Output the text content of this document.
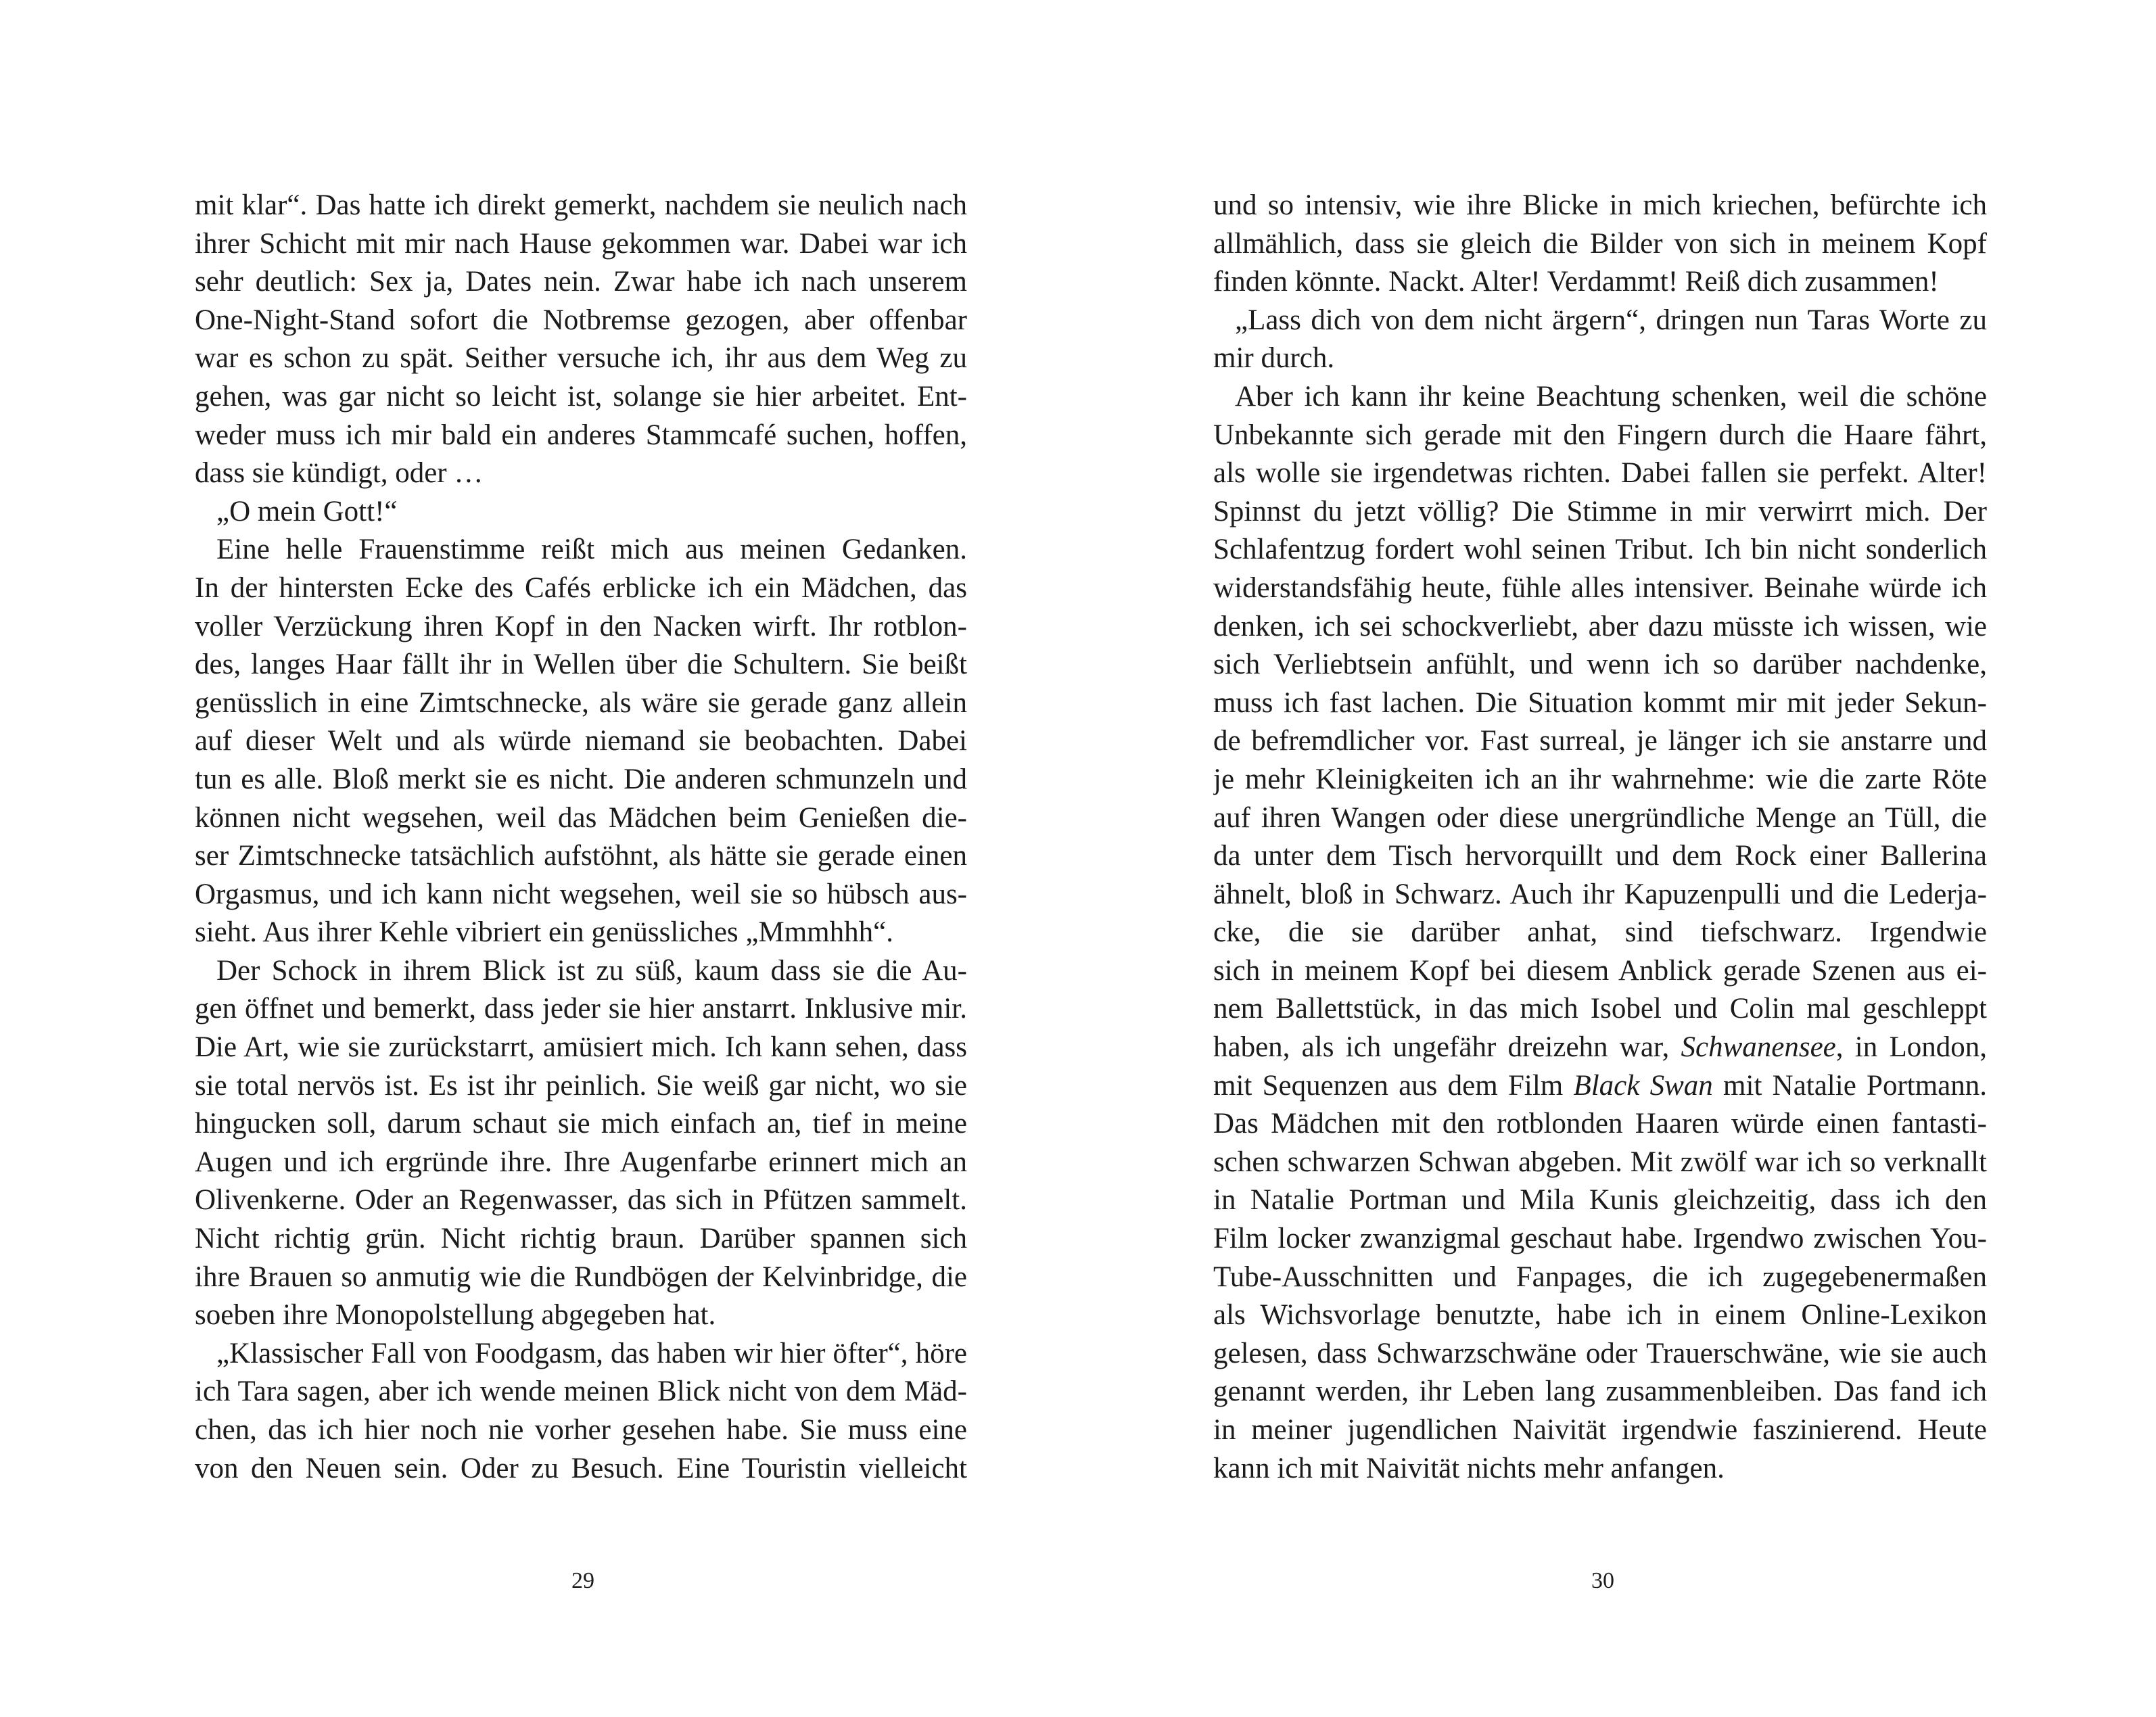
mit klar“. Das hatte ich direkt gemerkt, nachdem sie neulich nach
ihrer Schicht mit mir nach Hause gekommen war. Dabei war ich
sehr deutlich: Sex ja, Dates nein. Zwar habe ich nach unserem
One-Night-Stand sofort die Notbremse gezogen, aber offenbar
war es schon zu spät. Seither versuche ich, ihr aus dem Weg zu
gehen, was gar nicht so leicht ist, solange sie hier arbeitet. Ent-
weder muss ich mir bald ein anderes Stammcafé suchen, hoffen,
dass sie kündigt, oder …
„O mein Gott!“
Eine helle Frauenstimme reißt mich aus meinen Gedanken.
In der hintersten Ecke des Cafés erblicke ich ein Mädchen, das
voller Verzückung ihren Kopf in den Nacken wirft. Ihr rotblon-
des, langes Haar fällt ihr in Wellen über die Schultern. Sie beißt
genüsslich in eine Zimtschnecke, als wäre sie gerade ganz allein
auf dieser Welt und als würde niemand sie beobachten. Dabei
tun es alle. Bloß merkt sie es nicht. Die anderen schmunzeln und
können nicht wegsehen, weil das Mädchen beim Genießen die-
ser Zimtschnecke tatsächlich aufstöhnt, als hätte sie gerade einen
Orgasmus, und ich kann nicht wegsehen, weil sie so hübsch aus-
sieht. Aus ihrer Kehle vibriert ein genüssliches „Mmmhhh“.
Der Schock in ihrem Blick ist zu süß, kaum dass sie die Au-
gen öffnet und bemerkt, dass jeder sie hier anstarrt. Inklusive mir.
Die Art, wie sie zurückstarrt, amüsiert mich. Ich kann sehen, dass
sie total nervös ist. Es ist ihr peinlich. Sie weiß gar nicht, wo sie
hingucken soll, darum schaut sie mich einfach an, tief in meine
Augen und ich ergründe ihre. Ihre Augenfarbe erinnert mich an
Olivenkerne. Oder an Regenwasser, das sich in Pfützen sammelt.
Nicht richtig grün. Nicht richtig braun. Darüber spannen sich
ihre Brauen so anmutig wie die Rundbögen der Kelvinbridge, die
soeben ihre Monopolstellung abgegeben hat.
„Klassischer Fall von Foodgasm, das haben wir hier öfter“, höre
ich Tara sagen, aber ich wende meinen Blick nicht von dem Mäd-
chen, das ich hier noch nie vorher gesehen habe. Sie muss eine
von den Neuen sein. Oder zu Besuch. Eine Touristin vielleicht
29
und so intensiv, wie ihre Blicke in mich kriechen, befürchte ich
allmählich, dass sie gleich die Bilder von sich in meinem Kopf
finden könnte. Nackt. Alter! Verdammt! Reiß dich zusammen!
„Lass dich von dem nicht ärgern“, dringen nun Taras Worte zu
mir durch.
Aber ich kann ihr keine Beachtung schenken, weil die schöne
Unbekannte sich gerade mit den Fingern durch die Haare fährt,
als wolle sie irgendetwas richten. Dabei fallen sie perfekt. Alter!
Spinnst du jetzt völlig? Die Stimme in mir verwirrt mich. Der
Schlafentzug fordert wohl seinen Tribut. Ich bin nicht sonderlich
widerstandsfähig heute, fühle alles intensiver. Beinahe würde ich
denken, ich sei schockverliebt, aber dazu müsste ich wissen, wie
sich Verliebtsein anfühlt, und wenn ich so darüber nachdenke,
muss ich fast lachen. Die Situation kommt mir mit jeder Sekun-
de befremdlicher vor. Fast surreal, je länger ich sie anstarre und
je mehr Kleinigkeiten ich an ihr wahrnehme: wie die zarte Röte
auf ihren Wangen oder diese unergründliche Menge an Tüll, die
da unter dem Tisch hervorquillt und dem Rock einer Ballerina
ähnelt, bloß in Schwarz. Auch ihr Kapuzenpulli und die Lederja-
cke, die sie darüber anhat, sind tiefschwarz. Irgendwie
sich in meinem Kopf bei diesem Anblick gerade Szenen aus ei-
nem Ballettstück, in das mich Isobel und Colin mal geschleppt
haben, als ich ungefähr dreizehn war, Schwanensee, in London,
mit Sequenzen aus dem Film Black Swan mit Natalie Portmann.
Das Mädchen mit den rotblonden Haaren würde einen fantasti-
schen schwarzen Schwan abgeben. Mit zwölf war ich so verknallt
in Natalie Portman und Mila Kunis gleichzeitig, dass ich den
Film locker zwanzigmal geschaut habe. Irgendwo zwischen You-
Tube-Ausschnitten und Fanpages, die ich zugegebenermaßen
als Wichsvorlage benutzte, habe ich in einem Online-Lexikon
gelesen, dass Schwarzschwäne oder Trauerschwäne, wie sie auch
genannt werden, ihr Leben lang zusammenbleiben. Das fand ich
in meiner jugendlichen Naivität irgendwie faszinierend. Heute
kann ich mit Naivität nichts mehr anfangen.
30
